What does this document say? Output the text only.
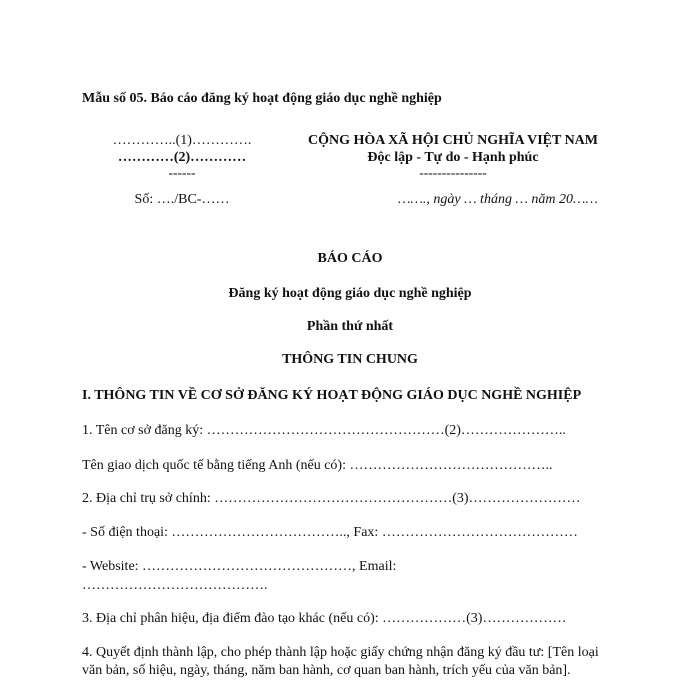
Mẫu số 05. Báo cáo đăng ký hoạt động giáo dục nghề nghiệp
…………..(1)………….
…………(2)…………
------
Số: …./BC-……
CỘNG HÒA XÃ HỘI CHỦ NGHĨA VIỆT NAM
Độc lập - Tự do - Hạnh phúc
---------------
……., ngày … tháng … năm 20……
BÁO CÁO
Đăng ký hoạt động giáo dục nghề nghiệp
Phần thứ nhất
THÔNG TIN CHUNG
I. THÔNG TIN VỀ CƠ SỞ ĐĂNG KÝ HOẠT ĐỘNG GIÁO DỤC NGHỀ NGHIỆP
1. Tên cơ sở đăng ký: ……………………………………………(2)…………………..
Tên giao dịch quốc tế bằng tiếng Anh (nếu có): ……………………………………..
2. Địa chỉ trụ sở chính: ……………………………………………(3)……………………
- Số điện thoại: ……………………………….., Fax: ……………………………………
- Website: ………………………………………, Email:
………………………………….
3. Địa chỉ phân hiệu, địa điểm đào tạo khác (nếu có): ………………(3)………………
4. Quyết định thành lập, cho phép thành lập hoặc giấy chứng nhận đăng ký đầu tư: [Tên loại văn bản, số hiệu, ngày, tháng, năm ban hành, cơ quan ban hành, trích yếu của văn bản].
